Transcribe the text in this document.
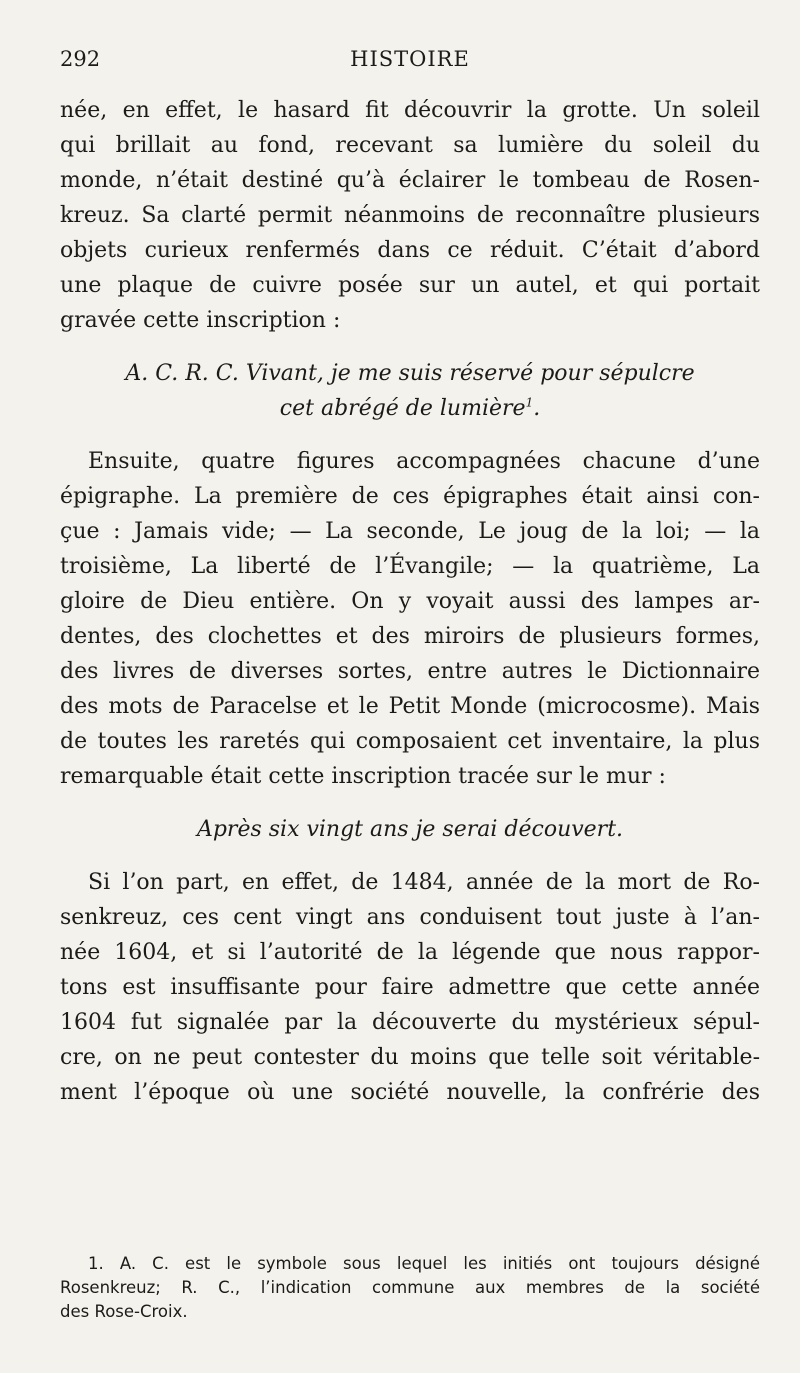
292	HISTOIRE
née, en effet, le hasard fit découvrir la grotte. Un soleil
qui brillait au fond, recevant sa lumière du soleil du
monde, n’était destiné qu’à éclairer le tombeau de Rosen-
kreuz. Sa clarté permit néanmoins de reconnaître plusieurs
objets curieux renfermés dans ce réduit. C’était d’abord
une plaque de cuivre posée sur un autel, et qui portait
gravée cette inscription :
A. C. R. C. Vivant, je me suis réservé pour sépulcre
cet abrégé de lumière$^1$.
Ensuite, quatre figures accompagnées chacune d’une
épigraphe. La première de ces épigraphes était ainsi con-
çue : Jamais vide; — La seconde, Le joug de la loi; — la
troisième, La liberté de l’Évangile; — la quatrième, La
gloire de Dieu entière. On y voyait aussi des lampes ar-
dentes, des clochettes et des miroirs de plusieurs formes,
des livres de diverses sortes, entre autres le Dictionnaire
des mots de Paracelse et le Petit Monde (microcosme). Mais
de toutes les raretés qui composaient cet inventaire, la plus
remarquable était cette inscription tracée sur le mur :
Après six vingt ans je serai découvert.
Si l’on part, en effet, de 1484, année de la mort de Ro-
senkreuz, ces cent vingt ans conduisent tout juste à l’an-
née 1604, et si l’autorité de la légende que nous rappor-
tons est insuffisante pour faire admettre que cette année
1604 fut signalée par la découverte du mystérieux sépul-
cre, on ne peut contester du moins que telle soit véritable-
ment l’époque où une société nouvelle, la confrérie des
1. A. C. est le symbole sous lequel les initiés ont toujours désigné
Rosenkreuz; R. C., l’indication commune aux membres de la société
des Rose-Croix.
